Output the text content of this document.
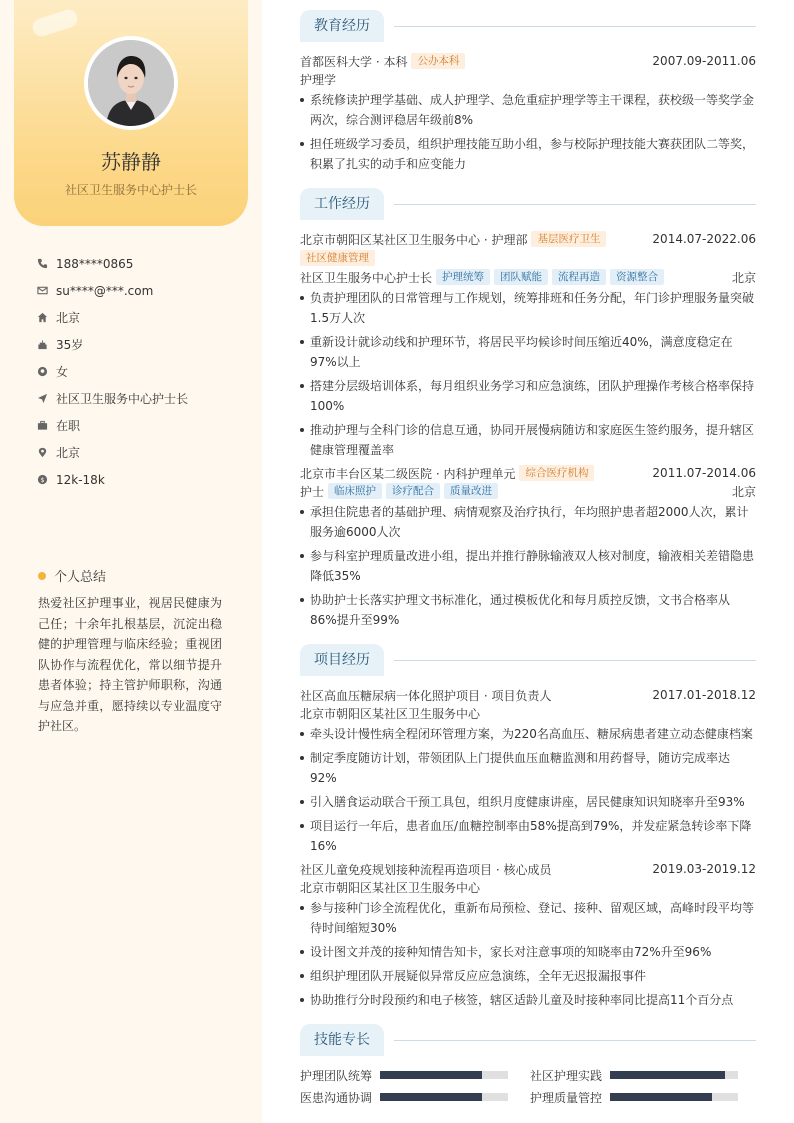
苏静静
社区卫生服务中心护士长
188****0865
su****@***.com
北京
35岁
女
社区卫生服务中心护士长
在职
北京
$ 12k-18k
个人总结
热爱社区护理事业，视居民健康为己任；十余年扎根基层，沉淀出稳健的护理管理与临床经验；重视团队协作与流程优化，常以细节提升患者体验；持主管护师职称，沟通与应急并重，愿持续以专业温度守护社区。
教育经历
首都医科大学 · 本科 公办本科	2007.09-2011.06
护理学
系统修读护理学基础、成人护理学、急危重症护理学等主干课程，获校级一等奖学金两次，综合测评稳居年级前8%
担任班级学习委员，组织护理技能互助小组，参与校际护理技能大赛获团队二等奖，积累了扎实的动手和应变能力
工作经历
北京市朝阳区某社区卫生服务中心 · 护理部 基层医疗卫生	2014.07-2022.06
社区健康管理
社区卫生服务中心护士长 护理统筹	团队赋能	流程再造	资源整合	北京
负责护理团队的日常管理与工作规划，统筹排班和任务分配，年门诊护理服务量突破1.5万人次
重新设计就诊动线和护理环节，将居民平均候诊时间压缩近40%，满意度稳定在97%以上
搭建分层级培训体系，每月组织业务学习和应急演练，团队护理操作考核合格率保持100%
推动护理与全科门诊的信息互通，协同开展慢病随访和家庭医生签约服务，提升辖区健康管理覆盖率
北京市丰台区某二级医院 · 内科护理单元 综合医疗机构	2011.07-2014.06
护士 临床照护	诊疗配合	质量改进	北京
承担住院患者的基础护理、病情观察及治疗执行，年均照护患者超2000人次，累计服务逾6000人次
参与科室护理质量改进小组，提出并推行静脉输液双人核对制度，输液相关差错隐患降低35%
协助护士长落实护理文书标准化，通过模板优化和每月质控反馈，文书合格率从86%提升至99%
项目经历
社区高血压糖尿病一体化照护项目 · 项目负责人	2017.01-2018.12
北京市朝阳区某社区卫生服务中心
牵头设计慢性病全程闭环管理方案，为220名高血压、糖尿病患者建立动态健康档案
制定季度随访计划，带领团队上门提供血压血糖监测和用药督导，随访完成率达92%
引入膳食运动联合干预工具包，组织月度健康讲座，居民健康知识知晓率升至93%
项目运行一年后，患者血压/血糖控制率由58%提高到79%，并发症紧急转诊率下降16%
社区儿童免疫规划接种流程再造项目 · 核心成员	2019.03-2019.12
北京市朝阳区某社区卫生服务中心
参与接种门诊全流程优化，重新布局预检、登记、接种、留观区域，高峰时段平均等待时间缩短30%
设计图文并茂的接种知情告知卡，家长对注意事项的知晓率由72%升至96%
组织护理团队开展疑似异常反应应急演练，全年无迟报漏报事件
协助推行分时段预约和电子核签，辖区适龄儿童及时接种率同比提高11个百分点
技能专长
护理团队统筹	社区护理实践
医患沟通协调	护理质量管控
